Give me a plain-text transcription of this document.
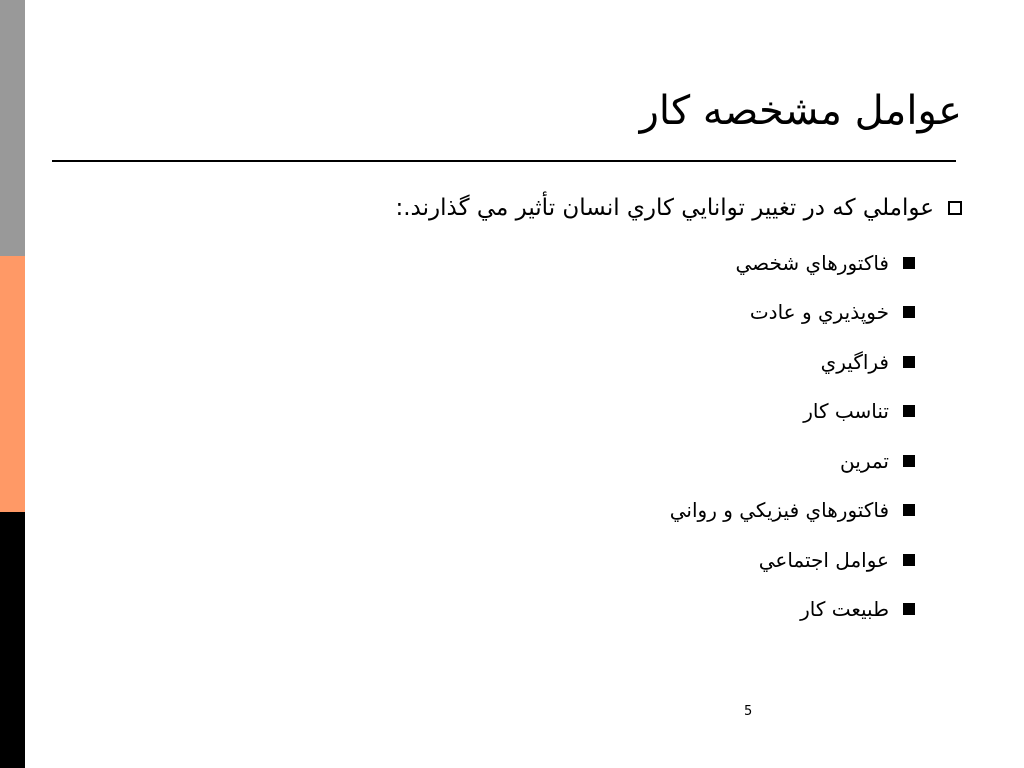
عوامل مشخصه کار
عواملي که در تغيير توانايي کاري انسان تأثير مي گذارند.:
فاکتورهاي شخصي
خوپذيري و عادت
فراگيري
تناسب کار
تمرين
فاکتورهاي فيزيکي و رواني
عوامل اجتماعي
طبيعت کار
5
